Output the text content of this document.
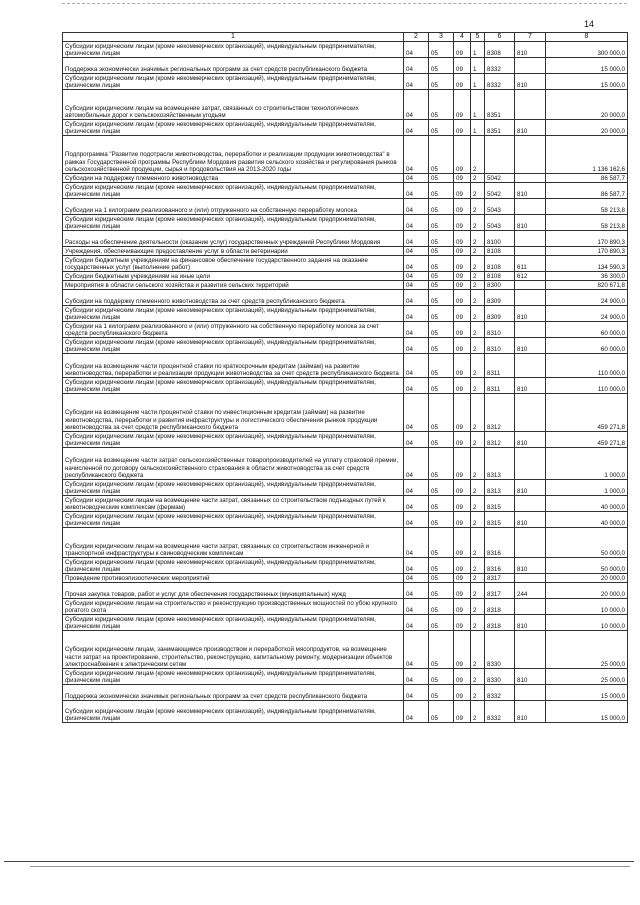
14
1	2	3	4	5	6	7	8
Субсидии юридическим лицам (кроме некоммерческих организаций), индивидуальным предпринимателям, физическим лицам	04	05	09	1	8308	810	300 000,0
Поддержка экономически значимых региональных программ за счет средств республиканского бюджета	04	05	09	1	8332		15 000,0
Субсидии юридическим лицам (кроме некоммерческих организаций), индивидуальным предпринимателям, физическим лицам	04	05	09	1	8332	810	15 000,0
Субсидии юридическим лицам на возмещение затрат, связанных со строительством технологических автомобильных дорог к сельскохозяйственным угодьям	04	05	09	1	8351		20 000,0
Субсидии юридическим лицам (кроме некоммерческих организаций), индивидуальным предпринимателям, физическим лицам	04	05	09	1	8351	810	20 000,0
Подпрограмма "Развитие подотрасли животноводства, переработки и реализации продукции животноводства" в рамках Государственной программы Республики Мордовия развития сельского хозяйства и регулирования рынков сельскохозяйственной продукции, сырья и продовольствия на 2013-2020 годы	04	05	09	2			1 136 162,6
Субсидии на поддержку племенного животноводства	04	05	09	2	5042		86 587,7
Субсидии юридическим лицам (кроме некоммерческих организаций), индивидуальным предпринимателям, физическим лицам	04	05	09	2	5042	810	86 587,7
Субсидии на 1 килограмм реализованного и (или) отгруженного на собственную переработку молока	04	05	09	2	5043		58 213,8
Субсидии юридическим лицам (кроме некоммерческих организаций), индивидуальным предпринимателям, физическим лицам	04	05	09	2	5043	810	58 213,8
Расходы на обеспечение деятельности (оказание услуг) государственных учреждений Республики Мордовия	04	05	09	2	8100		170 890,3
Учреждения, обеспечивающие предоставление услуг в области ветеринарии	04	05	09	2	8108		170 890,3
Субсидии бюджетным учреждениям на финансовое обеспечение государственного задания на оказание государственных услуг (выполнение работ)	04	05	09	2	8108	611	134 590,3
Субсидии бюджетным учреждениям на иные цели	04	05	09	2	8108	612	36 300,0
Мероприятия в области сельского хозяйства и развития сельских территорий	04	05	09	2	8300		820 671,8
Субсидии на поддержку племенного животноводства за счет средств республиканского бюджета	04	05	09	2	8309		24 900,0
Субсидии юридическим лицам (кроме некоммерческих организаций), индивидуальным предпринимателям, физическим лицам	04	05	09	2	8309	810	24 900,0
Субсидии на 1 килограмм реализованного и (или) отгруженного на собственную переработку молока за счет средств республиканского бюджета	04	05	09	2	8310		60 000,0
Субсидии юридическим лицам (кроме некоммерческих организаций), индивидуальным предпринимателям, физическим лицам	04	05	09	2	8310	810	60 000,0
Субсидии на возмещение части процентной ставки по краткосрочным кредитам (займам) на развитие животноводства, переработки и реализации продукции животноводства за счет средств республиканского бюджета	04	05	09	2	8311		110 000,0
Субсидии юридическим лицам (кроме некоммерческих организаций), индивидуальным предпринимателям, физическим лицам	04	05	09	2	8311	810	110 000,0
Субсидии на возмещение части процентной ставки по инвестиционным кредитам (займам) на развитие животноводства, переработки и развития инфраструктуры и логистического обеспечения рынков продукции животноводства за счет средств республиканского бюджета	04	05	09	2	8312		459 271,8
Субсидии юридическим лицам (кроме некоммерческих организаций), индивидуальным предпринимателям, физическим лицам	04	05	09	2	8312	810	459 271,8
Субсидии на возмещение части затрат сельскохозяйственных товаропроизводителей на уплату страховой премии, начисленной по договору сельскохозяйственного страхования в области животноводства за счет средств республиканского бюджета	04	05	09	2	8313		1 000,0
Субсидии юридическим лицам (кроме некоммерческих организаций), индивидуальным предпринимателям, физическим лицам	04	05	09	2	8313	810	1 000,0
Субсидии юридическим лицам на возмещение части затрат, связанных со строительством подъездных путей к животноводческим комплексам (фермам)	04	05	09	2	8315		40 000,0
Субсидии юридическим лицам (кроме некоммерческих организаций), индивидуальным предпринимателям, физическим лицам	04	05	09	2	8315	810	40 000,0
Субсидии юридическим лицам на возмещение части затрат, связанных со строительством инженерной и транспортной инфраструктуры к свиноводческим комплексам	04	05	09	2	8316		50 000,0
Субсидии юридическим лицам (кроме некоммерческих организаций), индивидуальным предпринимателям, физическим лицам	04	05	09	2	8316	810	50 000,0
Проведение противоэпизоотических мероприятий	04	05	09	2	8317		20 000,0
Прочая закупка товаров, работ и услуг для обеспечения государственных (муниципальных) нужд	04	05	09	2	8317	244	20 000,0
Субсидии юридическим лицам на строительство и реконструкцию производственных мощностей по убою крупного рогатого скота	04	05	09	2	8318		10 000,0
Субсидии юридическим лицам (кроме некоммерческих организаций), индивидуальным предпринимателям, физическим лицам	04	05	09	2	8318	810	10 000,0
Субсидии юридическим лицам, занимающимся производством и переработкой мясопродуктов, на возмещение части затрат на проектирование, строительство, реконструкцию, капитальному ремонту, модернизации объектов электроснабжения к электрическим сетям	04	05	09	2	8330		25 000,0
Субсидии юридическим лицам (кроме некоммерческих организаций), индивидуальным предпринимателям, физическим лицам	04	05	09	2	8330	810	25 000,0
Поддержка экономически значимых региональных программ за счет средств республиканского бюджета	04	05	09	2	8332		15 000,0
Субсидии юридическим лицам (кроме некоммерческих организаций), индивидуальным предпринимателям, физическим лицам	04	05	09	2	8332	810	15 000,0
